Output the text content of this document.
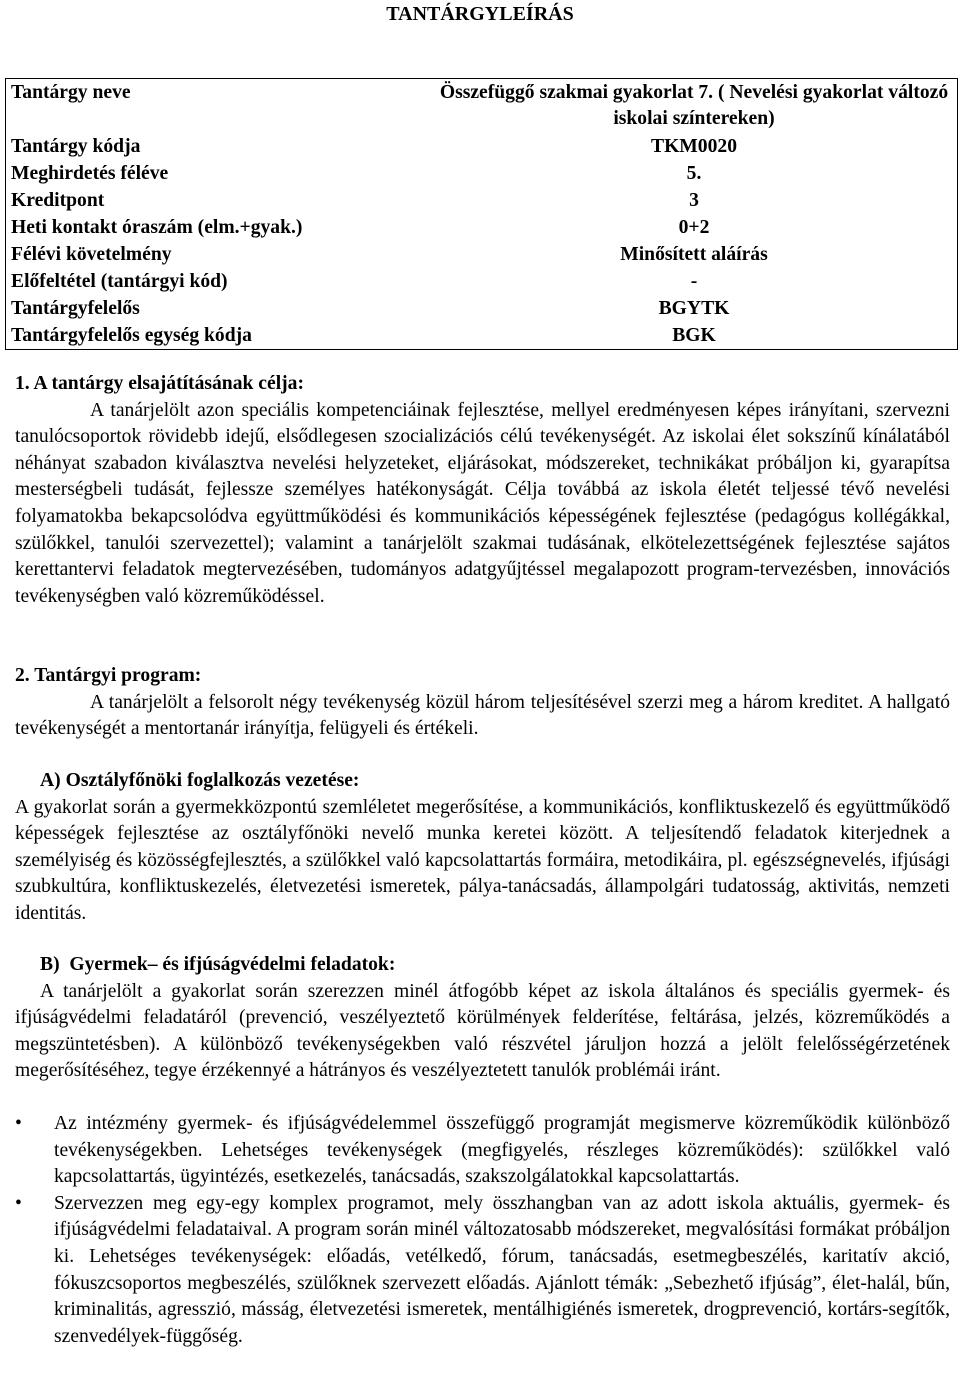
TANTÁRGYLEÍRÁS
Tantárgy neve	Összefüggő szakmai gyakorlat 7. ( Nevelési gyakorlat változó iskolai színtereken)
Tantárgy kódja	TKM0020
Meghirdetés féléve	5.
Kreditpont	3
Heti kontakt óraszám (elm.+gyak.)	0+2
Félévi követelmény	Minősített aláírás
Előfeltétel (tantárgyi kód)	-
Tantárgyfelelős	BGYTK
Tantárgyfelelős egység kódja	BGK

1. A tantárgy elsajátításának célja:

A tanárjelölt azon speciális kompetenciáinak fejlesztése, mellyel eredményesen képes irányítani, szervezni tanulócsoportok rövidebb idejű, elsődlegesen szocializációs célú tevékenységét. Az iskolai élet sokszínű kínálatából néhányat szabadon kiválasztva nevelési helyzeteket, eljárásokat, módszereket, technikákat próbáljon ki, gyarapítsa mesterségbeli tudását, fejlessze személyes hatékonyságát. Célja továbbá az iskola életét teljessé tévő nevelési folyamatokba bekapcsolódva együttműködési és kommunikációs képességének fejlesztése (pedagógus kollégákkal, szülőkkel, tanulói szervezettel); valamint a tanárjelölt szakmai tudásának, elkötelezettségének fejlesztése sajátos kerettantervi feladatok megtervezésében, tudományos adatgyűjtéssel megalapozott program-tervezésben, innovációs tevékenységben való közreműködéssel.

2. Tantárgyi program:

A tanárjelölt a felsorolt négy tevékenység közül három teljesítésével szerzi meg a három kreditet. A hallgató tevékenységét a mentortanár irányítja, felügyeli és értékeli.

A) Osztályfőnöki foglalkozás vezetése:

A gyakorlat során a gyermekközpontú szemléletet megerősítése, a kommunikációs, konfliktuskezelő és együttműködő képességek fejlesztése az osztályfőnöki nevelő munka keretei között. A teljesítendő feladatok kiterjednek a személyiség és közösségfejlesztés, a szülőkkel való kapcsolattartás formáira, metodikáira, pl. egészségnevelés, ifjúsági szubkultúra, konfliktuskezelés, életvezetési ismeretek, pálya-tanácsadás, állampolgári tudatosság, aktivitás, nemzeti identitás.

B)  Gyermek– és ifjúságvédelmi feladatok:

A tanárjelölt a gyakorlat során szerezzen minél átfogóbb képet az iskola általános és speciális gyermek- és ifjúságvédelmi feladatáról (prevenció, veszélyeztető körülmények felderítése, feltárása, jelzés, közreműködés a megszüntetésben). A különböző tevékenységekben való részvétel járuljon hozzá a jelölt felelősségérzetének megerősítéséhez, tegye érzékennyé a hátrányos és veszélyeztetett tanulók problémái iránt.

• Az intézmény gyermek- és ifjúságvédelemmel összefüggő programját megismerve közreműködik különböző tevékenységekben. Lehetséges tevékenységek (megfigyelés, részleges közreműködés): szülőkkel való kapcsolattartás, ügyintézés, esetkezelés, tanácsadás, szakszolgálatokkal kapcsolattartás.
• Szervezzen meg egy-egy komplex programot, mely összhangban van az adott iskola aktuális, gyermek- és ifjúságvédelmi feladataival. A program során minél változatosabb módszereket, megvalósítási formákat próbáljon ki. Lehetséges tevékenységek: előadás, vetélkedő, fórum, tanácsadás, esetmegbeszélés, karitatív akció, fókuszcsoportos megbeszélés, szülőknek szervezett előadás. Ajánlott témák: „Sebezhető ifjúság”, élet-halál, bűn, kriminalitás, agresszió, másság, életvezetési ismeretek, mentálhigiénés ismeretek, drogprevenció, kortárs-segítők, szenvedélyek-függőség.
